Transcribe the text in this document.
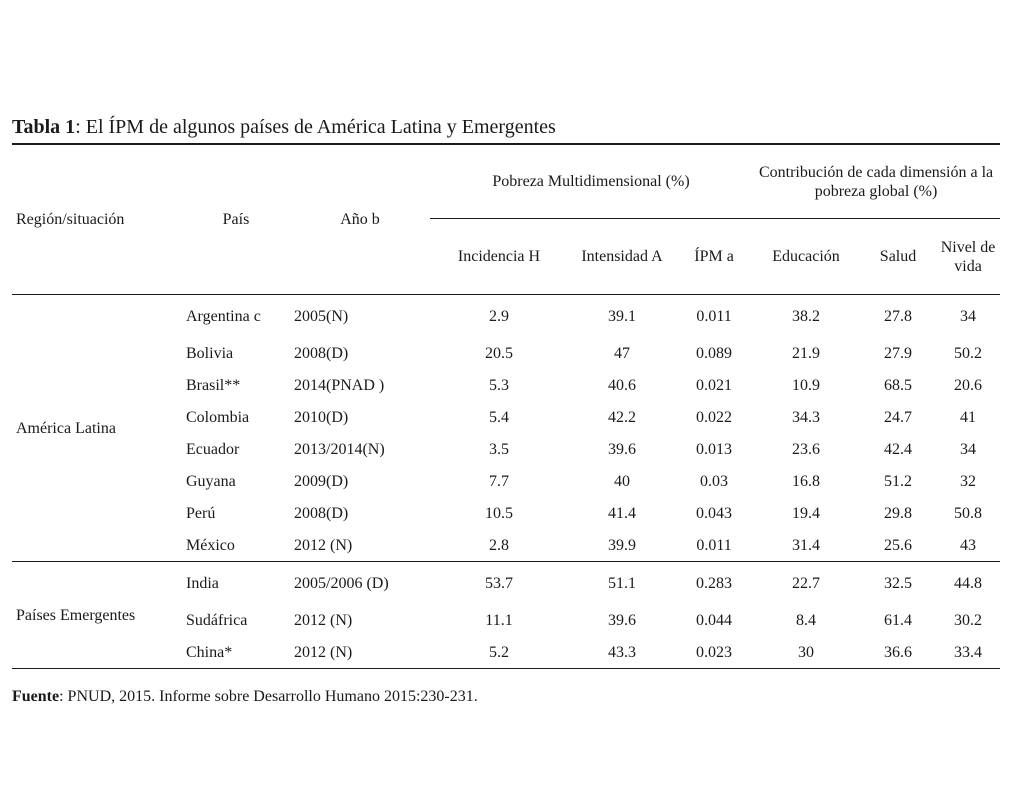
Tabla 1: El ÍPM de algunos países de América Latina y Emergentes
Región/situación	País	Año b	Pobreza Multidimensional (%)			Contribución de cada dimensión a la pobreza global (%)		
			Incidencia H	Intensidad A	ÍPM a	Educación	Salud	Nivel de vida
América Latina	Argentina c	2005(N)	2.9	39.1	0.011	38.2	27.8	34
	Bolivia	2008(D)	20.5	47	0.089	21.9	27.9	50.2
	Brasil**	2014(PNAD )	5.3	40.6	0.021	10.9	68.5	20.6
	Colombia	2010(D)	5.4	42.2	0.022	34.3	24.7	41
	Ecuador	2013/2014(N)	3.5	39.6	0.013	23.6	42.4	34
	Guyana	2009(D)	7.7	40	0.03	16.8	51.2	32
	Perú	2008(D)	10.5	41.4	0.043	19.4	29.8	50.8
	México	2012 (N)	2.8	39.9	0.011	31.4	25.6	43
Países Emergentes	India	2005/2006 (D)	53.7	51.1	0.283	22.7	32.5	44.8
	Sudáfrica	2012 (N)	11.1	39.6	0.044	8.4	61.4	30.2
	China*	2012 (N)	5.2	43.3	0.023	30	36.6	33.4
Fuente: PNUD, 2015. Informe sobre Desarrollo Humano 2015:230-231.
